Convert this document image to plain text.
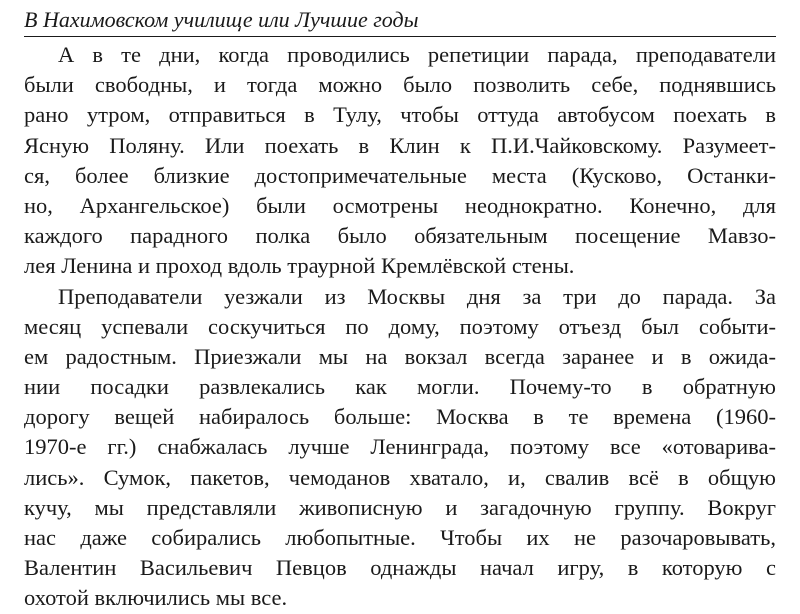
В Нахимовском училище или Лучшие годы
А в те дни, когда проводились репетиции парада, преподаватели
были свободны, и тогда можно было позволить себе, поднявшись
рано утром, отправиться в Тулу, чтобы оттуда автобусом поехать в
Ясную Поляну. Или поехать в Клин к П.И.Чайковскому. Разумеет-
ся, более близкие достопримечательные места (Кусково, Останки-
но, Архангельское) были осмотрены неоднократно. Конечно, для
каждого парадного полка было обязательным посещение Мавзо-
лея Ленина и проход вдоль траурной Кремлёвской стены.
Преподаватели уезжали из Москвы дня за три до парада. За
месяц успевали соскучиться по дому, поэтому отъезд был событи-
ем радостным. Приезжали мы на вокзал всегда заранее и в ожида-
нии посадки развлекались как могли. Почему-то в обратную
дорогу вещей набиралось больше: Москва в те времена (1960-
1970-е гг.) снабжалась лучше Ленинграда, поэтому все «отоварива-
лись». Сумок, пакетов, чемоданов хватало, и, свалив всё в общую
кучу, мы представляли живописную и загадочную группу. Вокруг
нас даже собирались любопытные. Чтобы их не разочаровывать,
Валентин Васильевич Певцов однажды начал игру, в которую с
охотой включились мы все.
